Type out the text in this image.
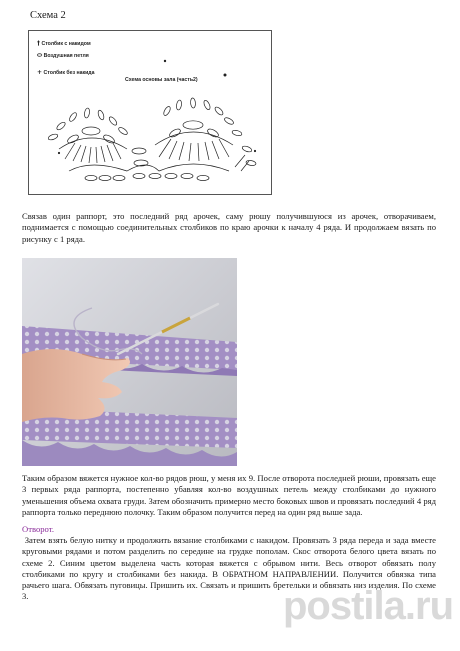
Схема 2
† Столбик с накидом
⬭ Воздушная петля
+ Столбик без накида
Схема основы зала (часть2)

Связав один раппорт, это последний ряд арочек, саму рюшу получившуюся из арочек, отворачиваем, поднимается с помощью соединительных столбиков по краю арочки к началу 4 ряда. И продолжаем вязать по рисунку с 1 ряда.

Таким образом вяжется нужное кол-во рядов рюш, у меня их 9. После отворота последней рюши, провязать еще 3 первых ряда раппорта, постепенно убавляя кол-во воздушных петель между столбиками до нужного уменьшения объема охвата груди. Затем обозначить примерно место боковых швов и провязать последний 4 ряд раппорта только переднюю полочку. Таким образом получится перед на один ряд выше зада.

Отворот.

Затем взять белую нитку и продолжить вязание столбиками с накидом. Провязать 3 ряда переда и зада вместе круговыми рядами и потом разделить по середине на грудке пополам. Скос отворота белого цвета вязать по схеме 2. Синим цветом выделена часть которая вяжется с обрывом нити. Весь отворот обвязать полу столбиками по кругу и столбиками без накида. В ОБРАТНОМ НАПРАВЛЕНИИ. Получится обвязка типа рачьего шага. Обвязать пуговицы. Пришить их. Связать и пришить бретельки и обвязать низ изделия. По схеме 3.	postila.ru
